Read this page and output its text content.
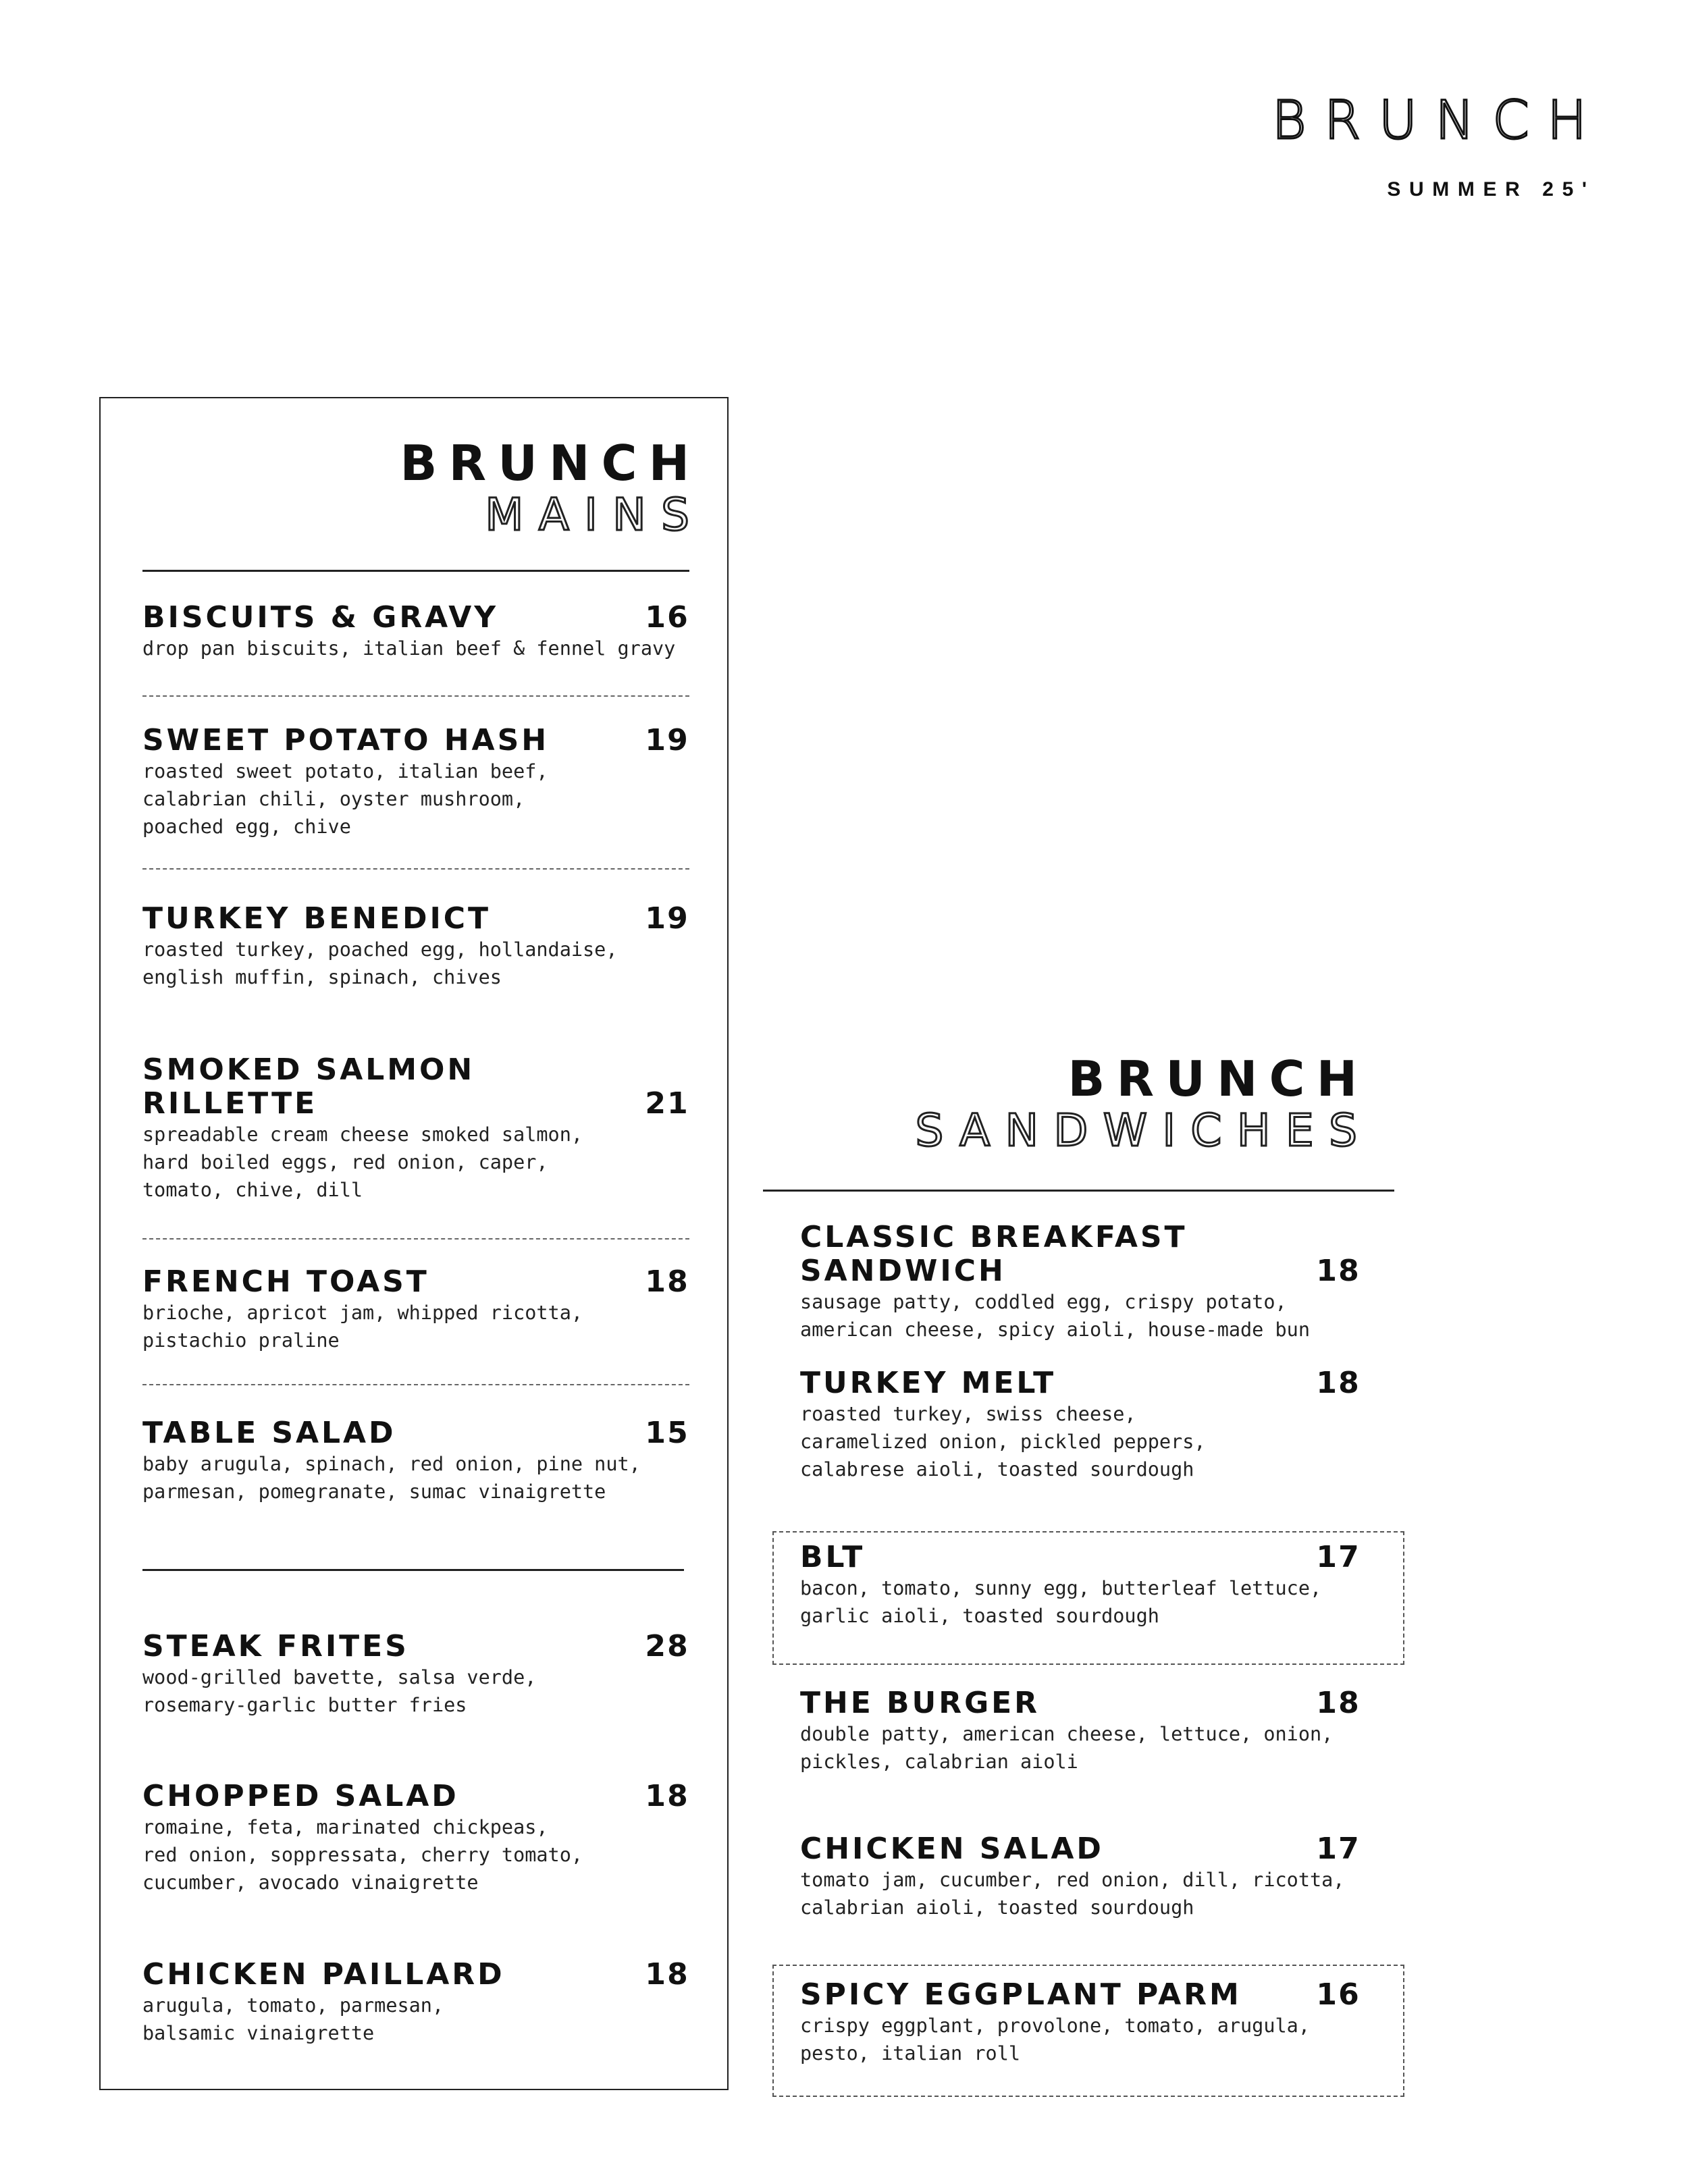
BRUNCH
SUMMER 25'
BRUNCH
MAINS
BISCUITS & GRAVY	16
drop pan biscuits, italian beef & fennel gravy
SWEET POTATO HASH	19
roasted sweet potato, italian beef,
calabrian chili, oyster mushroom,
poached egg, chive
TURKEY BENEDICT	19
roasted turkey, poached egg, hollandaise,
english muffin, spinach, chives
SMOKED SALMON
RILLETTE	21
spreadable cream cheese smoked salmon,
hard boiled eggs, red onion, caper,
tomato, chive, dill
FRENCH TOAST	18
brioche, apricot jam, whipped ricotta,
pistachio praline
TABLE SALAD	15
baby arugula, spinach, red onion, pine nut,
parmesan, pomegranate, sumac vinaigrette
STEAK FRITES	28
wood-grilled bavette, salsa verde,
rosemary-garlic butter fries
CHOPPED SALAD	18
romaine, feta, marinated chickpeas,
red onion, soppressata, cherry tomato,
cucumber, avocado vinaigrette
CHICKEN PAILLARD	18
arugula, tomato, parmesan,
balsamic vinaigrette
BRUNCH
SANDWICHES
CLASSIC BREAKFAST SANDWICH	18
sausage patty, coddled egg, crispy potato,
american cheese, spicy aioli, house-made bun
TURKEY MELT	18
roasted turkey, swiss cheese,
caramelized onion, pickled peppers,
calabrese aioli, toasted sourdough
BLT	17
bacon, tomato, sunny egg, butterleaf lettuce,
garlic aioli, toasted sourdough
THE BURGER	18
double patty, american cheese, lettuce, onion,
pickles, calabrian aioli
CHICKEN SALAD	17
tomato jam, cucumber, red onion, dill, ricotta,
calabrian aioli, toasted sourdough
SPICY EGGPLANT PARM	16
crispy eggplant, provolone, tomato, arugula,
pesto, italian roll
